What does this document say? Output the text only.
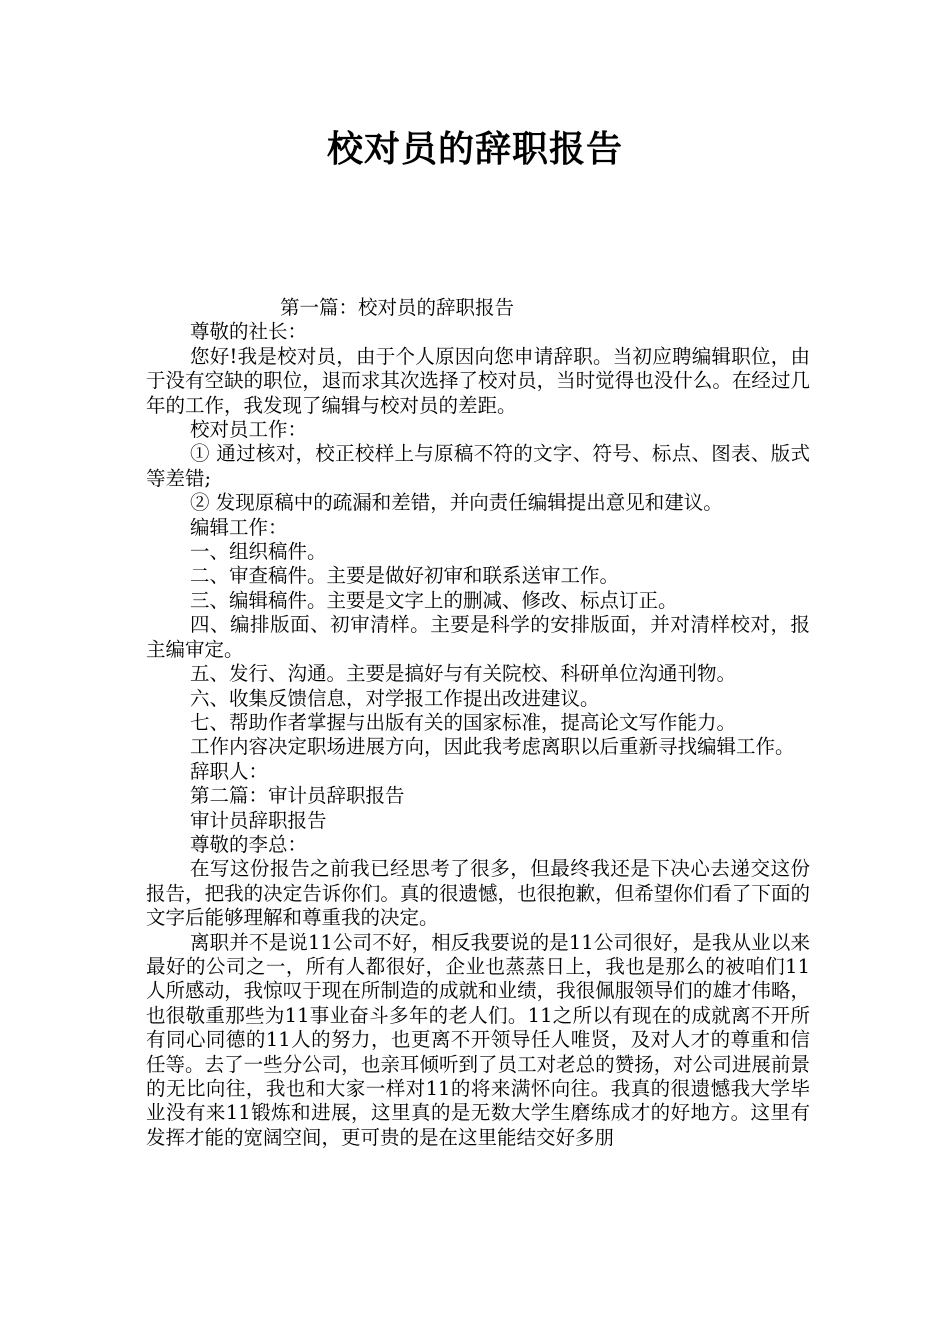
校对员的辞职报告

第一篇：校对员的辞职报告

尊敬的社长：

您好!我是校对员，由于个人原因向您申请辞职。当初应聘编辑职位，由于没有空缺的职位，退而求其次选择了校对员，当时觉得也没什么。在经过几年的工作，我发现了编辑与校对员的差距。

校对员工作：

① 通过核对，校正校样上与原稿不符的文字、符号、标点、图表、版式等差错;

② 发现原稿中的疏漏和差错，并向责任编辑提出意见和建议。

编辑工作：

一、组织稿件。

二、审查稿件。主要是做好初审和联系送审工作。

三、编辑稿件。主要是文字上的删减、修改、标点订正。

四、编排版面、初审清样。主要是科学的安排版面，并对清样校对，报主编审定。

五、发行、沟通。主要是搞好与有关院校、科研单位沟通刊物。

六、收集反馈信息，对学报工作提出改进建议。

七、帮助作者掌握与出版有关的国家标准，提高论文写作能力。

工作内容决定职场进展方向，因此我考虑离职以后重新寻找编辑工作。

辞职人：

第二篇：审计员辞职报告

审计员辞职报告

尊敬的李总：

在写这份报告之前我已经思考了很多，但最终我还是下决心去递交这份报告，把我的决定告诉你们。真的很遗憾，也很抱歉，但希望你们看了下面的文字后能够理解和尊重我的决定。

离职并不是说11公司不好，相反我要说的是11公司很好，是我从业以来最好的公司之一，所有人都很好，企业也蒸蒸日上，我也是那么的被咱们11人所感动，我惊叹于现在所制造的成就和业绩，我很佩服领导们的雄才伟略，也很敬重那些为11事业奋斗多年的老人们。11之所以有现在的成就离不开所有同心同德的11人的努力，也更离不开领导任人唯贤，及对人才的尊重和信任等。去了一些分公司，也亲耳倾听到了员工对老总的赞扬，对公司进展前景的无比向往，我也和大家一样对11的将来满怀向往。我真的很遗憾我大学毕业没有来11锻炼和进展，这里真的是无数大学生磨练成才的好地方。这里有发挥才能的宽阔空间，更可贵的是在这里能结交好多朋
